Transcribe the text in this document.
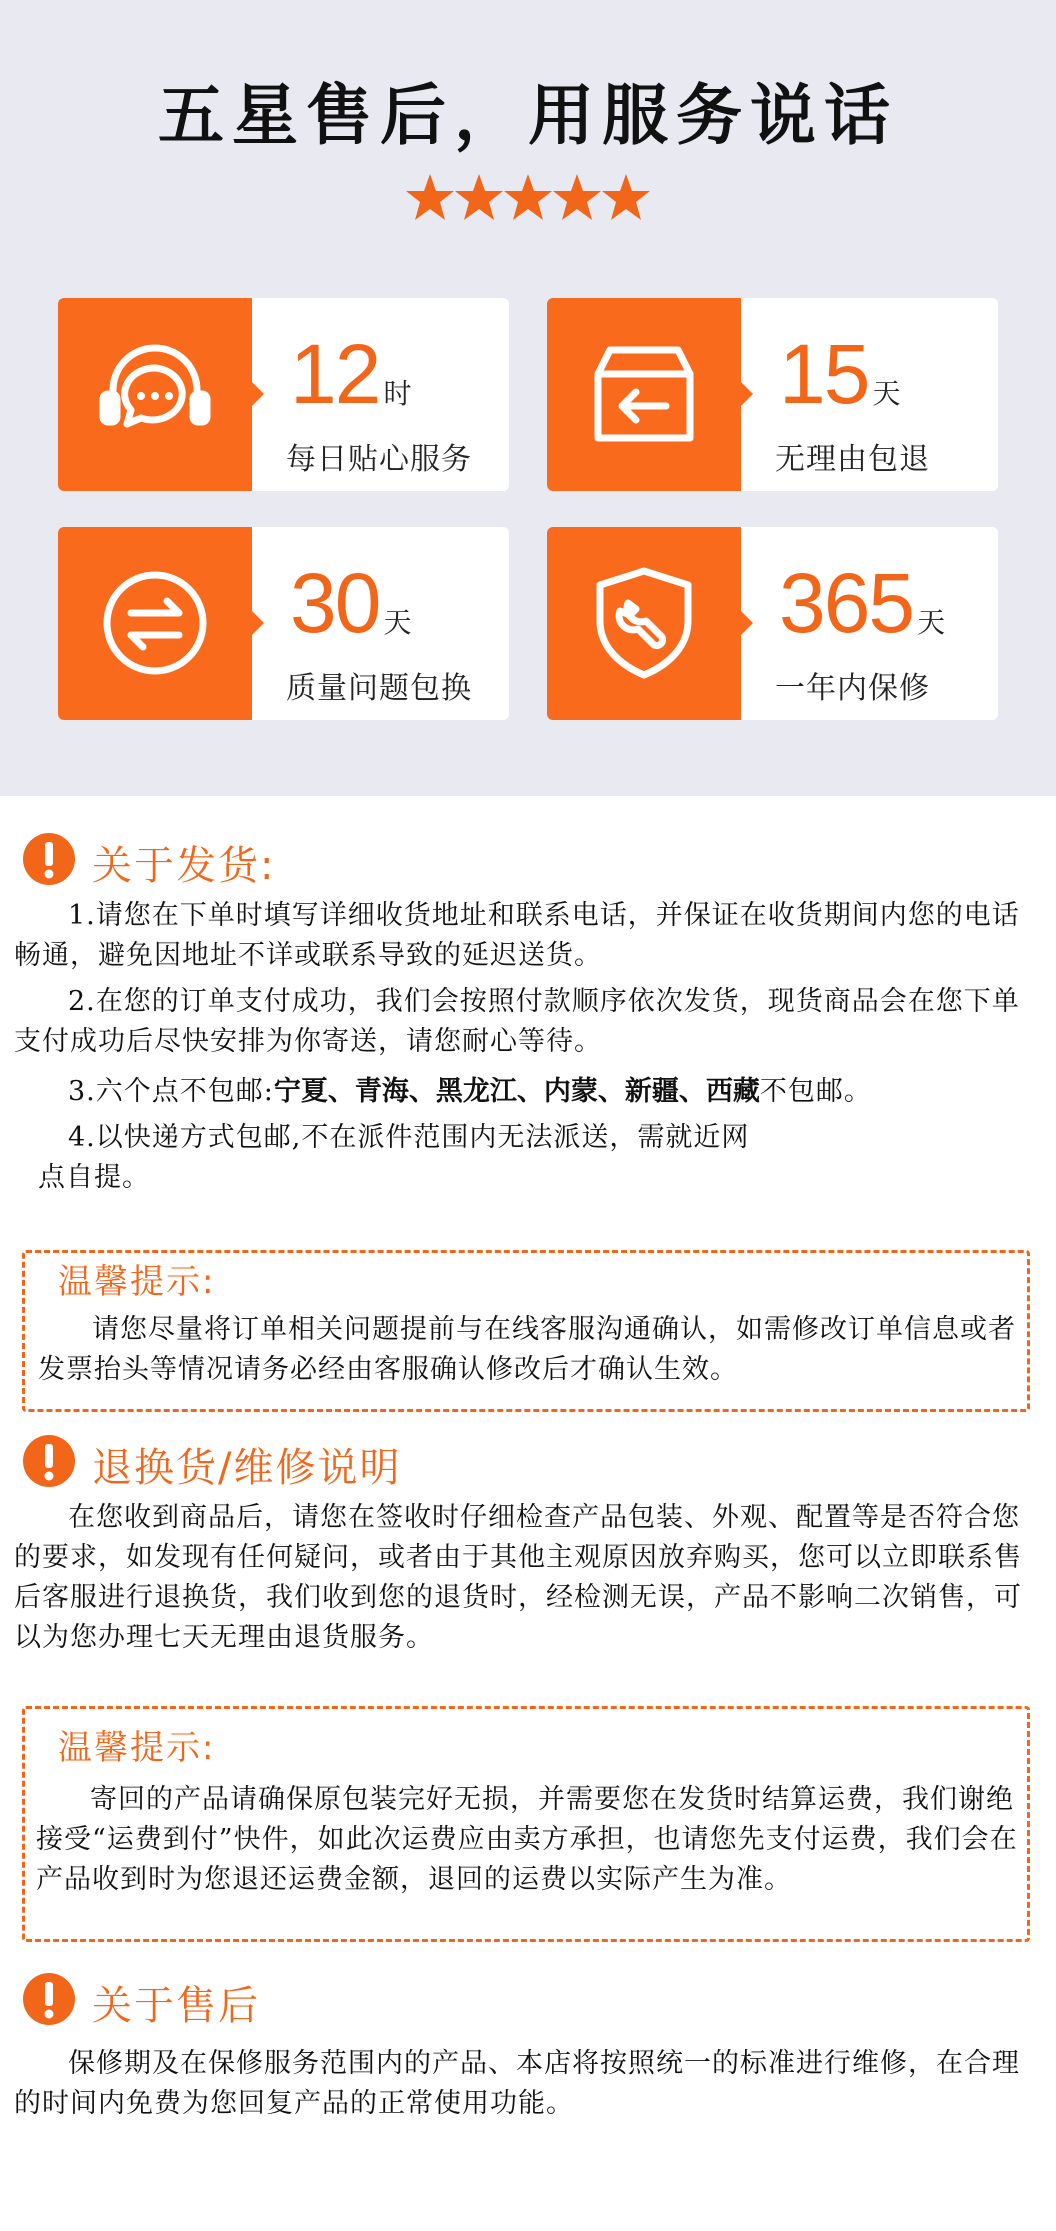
五星售后，用服务说话
12 时
每日贴心服务
15 天
无理由包退
30 天
质量问题包换
365 天
一年内保修
关于发货:
1.请您在下单时填写详细收货地址和联系电话，并保证在收货期间内您的电话畅通，避免因地址不详或联系导致的延迟送货。
2.在您的订单支付成功，我们会按照付款顺序依次发货，现货商品会在您下单支付成功后尽快安排为你寄送，请您耐心等待。
3.六个点不包邮:宁夏、青海、黑龙江、内蒙、新疆、西藏不包邮。
4.以快递方式包邮,不在派件范围内无法派送，需就近网
点自提。
温馨提示:
请您尽量将订单相关问题提前与在线客服沟通确认，如需修改订单信息或者发票抬头等情况请务必经由客服确认修改后才确认生效。
退换货/维修说明
在您收到商品后，请您在签收时仔细检查产品包装、外观、配置等是否符合您的要求，如发现有任何疑问，或者由于其他主观原因放弃购买，您可以立即联系售后客服进行退换货，我们收到您的退货时，经检测无误，产品不影响二次销售，可以为您办理七天无理由退货服务。
温馨提示:
寄回的产品请确保原包装完好无损，并需要您在发货时结算运费，我们谢绝接受“运费到付”快件，如此次运费应由卖方承担，也请您先支付运费，我们会在产品收到时为您退还运费金额，退回的运费以实际产生为准。
关于售后
保修期及在保修服务范围内的产品、本店将按照统一的标准进行维修，在合理的时间内免费为您回复产品的正常使用功能。
